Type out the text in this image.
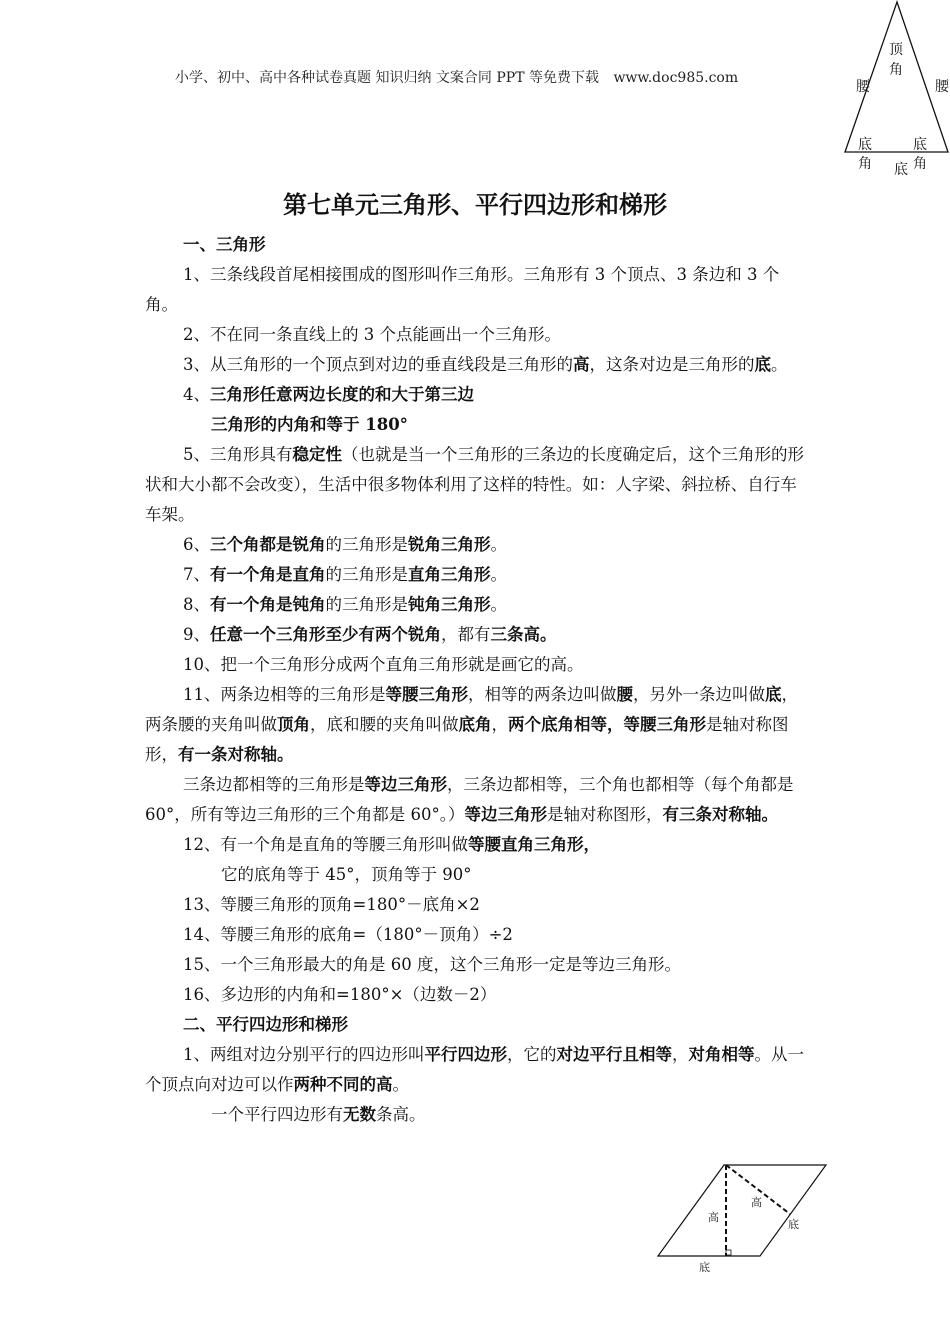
小学、初中、高中各种试卷真题 知识归纳 文案合同 PPT 等免费下载 www.doc985.com
顶
角
腰	腰
底
角
底
角
底
第七单元三角形、平行四边形和梯形

一、三角形

1、三条线段首尾相接围成的图形叫作三角形。三角形有 3 个顶点、3 条边和 3 个角。

2、不在同一条直线上的 3 个点能画出一个三角形。

3、从三角形的一个顶点到对边的垂直线段是三角形的高，这条对边是三角形的底。

4、三角形任意两边长度的和大于第三边

三角形的内角和等于 180°

5、三角形具有稳定性（也就是当一个三角形的三条边的长度确定后，这个三角形的形状和大小都不会改变），生活中很多物体利用了这样的特性。如：人字梁、斜拉桥、自行车车架。

6、三个角都是锐角的三角形是锐角三角形。

7、有一个角是直角的三角形是直角三角形。

8、有一个角是钝角的三角形是钝角三角形。

9、任意一个三角形至少有两个锐角，都有三条高。

10、把一个三角形分成两个直角三角形就是画它的高。

11、两条边相等的三角形是等腰三角形，相等的两条边叫做腰，另外一条边叫做底，两条腰的夹角叫做顶角，底和腰的夹角叫做底角，两个底角相等，等腰三角形是轴对称图形，有一条对称轴。

三条边都相等的三角形是等边三角形，三条边都相等，三个角也都相等（每个角都是 60°，所有等边三角形的三个角都是 60°。）等边三角形是轴对称图形，有三条对称轴。

12、有一个角是直角的等腰三角形叫做等腰直角三角形，

它的底角等于 45°，顶角等于 90°

13、等腰三角形的顶角=180°－底角×2

14、等腰三角形的底角=（180°－顶角）÷2

15、一个三角形最大的角是 60 度，这个三角形一定是等边三角形。

16、多边形的内角和=180°×（边数－2）

二、平行四边形和梯形

1、两组对边分别平行的四边形叫平行四边形，它的对边平行且相等，对角相等。从一个顶点向对边可以作两种不同的高。

一个平行四边形有无数条高。

高
高
底
底
